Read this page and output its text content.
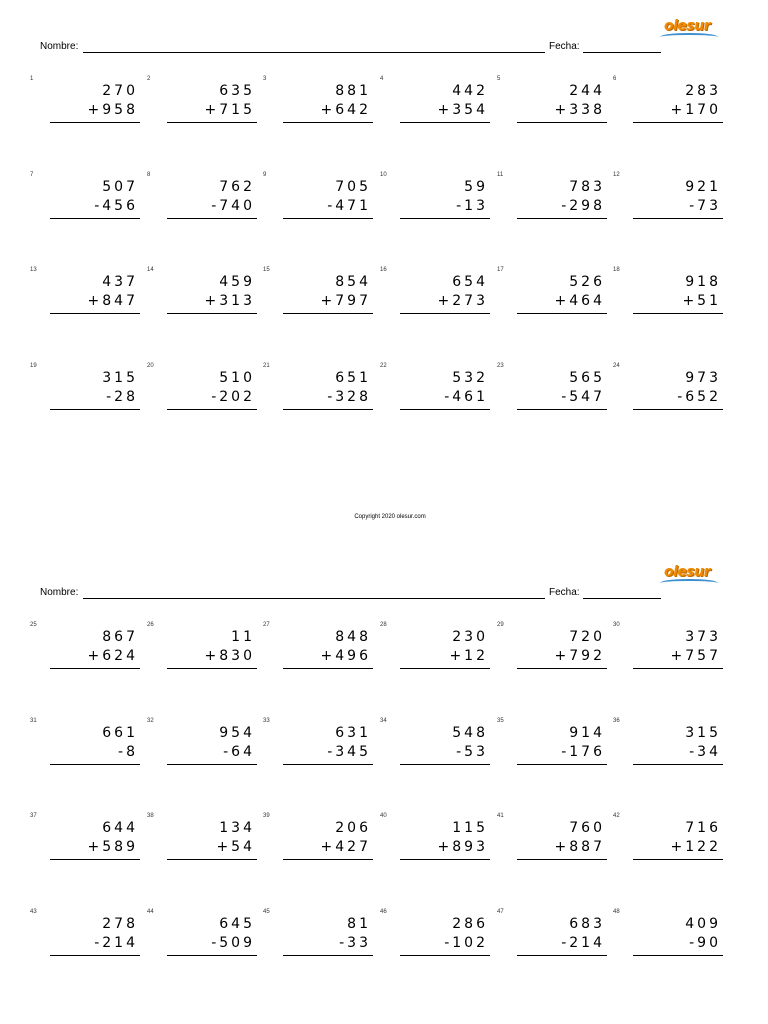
Nombre:	Fecha:
olesur
1
270
+958
2
635
+715
3
881
+642
4
442
+354
5
244
+338
6
283
+170
7
507
-456
8
762
-740
9
705
-471
10
59
-13
11
783
-298
12
921
-73
13
437
+847
14
459
+313
15
854
+797
16
654
+273
17
526
+464
18
918
+51
19
315
-28
20
510
-202
21
651
-328
22
532
-461
23
565
-547
24
973
-652
Nombre:	Fecha:
olesur
25
867
+624
26
11
+830
27
848
+496
28
230
+12
29
720
+792
30
373
+757
31
661
-8
32
954
-64
33
631
-345
34
548
-53
35
914
-176
36
315
-34
37
644
+589
38
134
+54
39
206
+427
40
115
+893
41
760
+887
42
716
+122
43
278
-214
44
645
-509
45
81
-33
46
286
-102
47
683
-214
48
409
-90
Copyright 2020 olesur.com
